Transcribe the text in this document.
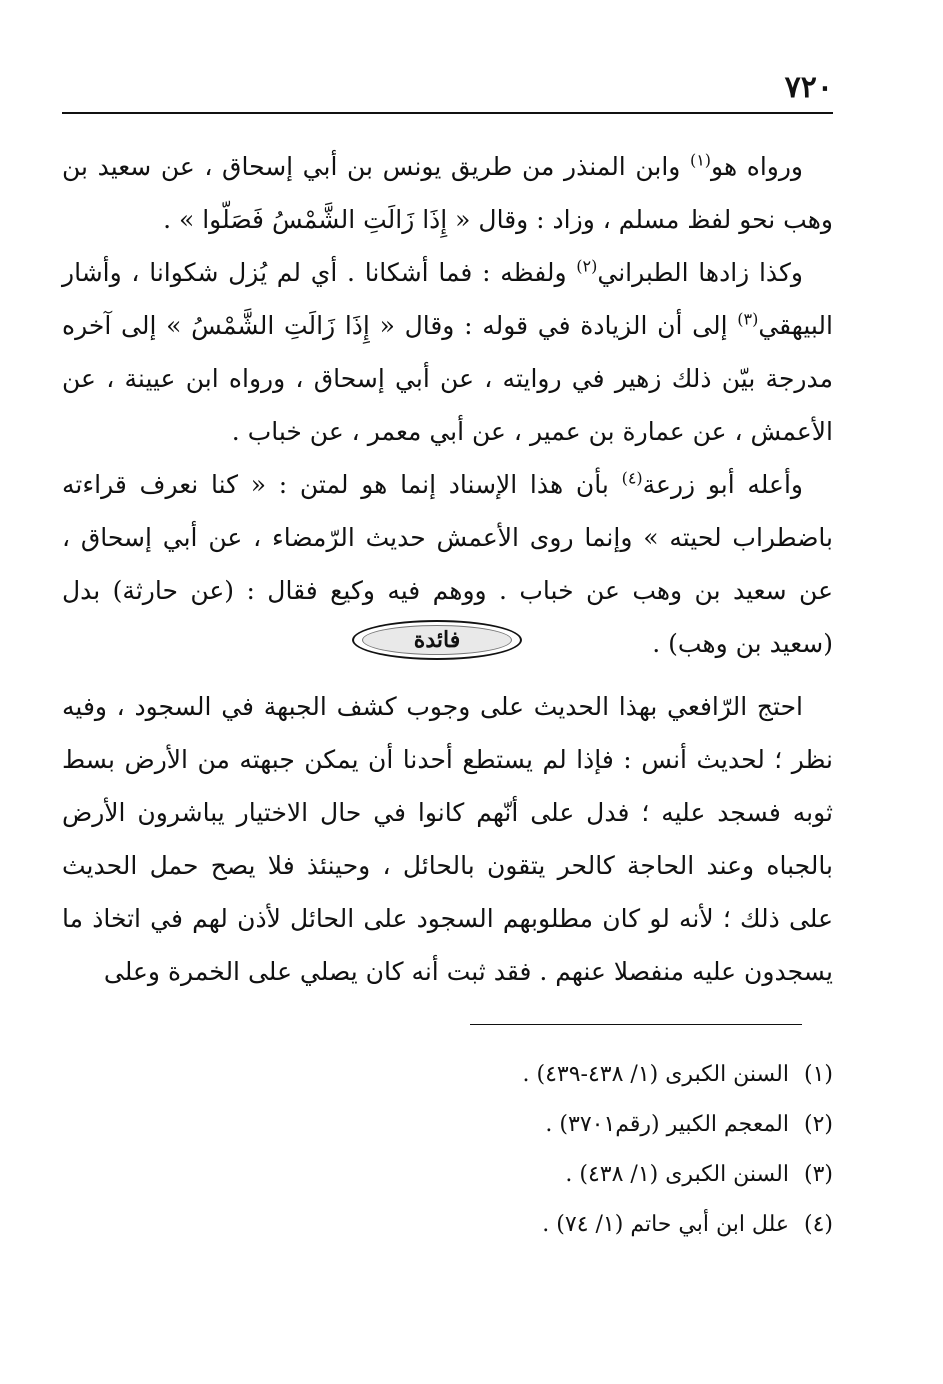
٧٢٠

ورواه هو$^{(١)}$ وابن المنذر من طريق يونس بن أبي إسحاق ، عن سعيد بن وهب نحو لفظ مسلم ، وزاد : وقال « إِذَا زَالَتِ الشَّمْسُ فَصَلّوا » .

وكذا زادها الطبراني$^{(٢)}$ ولفظه : فما أشكانا . أي لم يُزل شكوانا ، وأشار البيهقي$^{(٣)}$ إلى أن الزيادة في قوله : وقال « إِذَا زَالَتِ الشَّمْسُ » إلى آخره مدرجة بيّن ذلك زهير في روايته ، عن أبي إسحاق ، ورواه ابن عيينة ، عن الأعمش ، عن عمارة بن عمير ، عن أبي معمر ، عن خباب .

وأعله أبو زرعة$^{(٤)}$ بأن هذا الإسناد إنما هو لمتن : « كنا نعرف قراءته باضطراب لحيته » وإنما روى الأعمش حديث الرّمضاء ، عن أبي إسحاق ، عن سعيد بن وهب عن خباب . ووهم فيه وكيع فقال : (عن حارثة) بدل (سعيد بن وهب) .

فائدة

احتج الرّافعي بهذا الحديث على وجوب كشف الجبهة في السجود ، وفيه نظر ؛ لحديث أنس : فإذا لم يستطع أحدنا أن يمكن جبهته من الأرض بسط ثوبه فسجد عليه ؛ فدل على أنّهم كانوا في حال الاختيار يباشرون الأرض بالجباه وعند الحاجة كالحر يتقون بالحائل ، وحينئذ فلا يصح حمل الحديث على ذلك ؛ لأنه لو كان مطلوبهم السجود على الحائل لأذن لهم في اتخاذ ما يسجدون عليه منفصلا عنهم . فقد ثبت أنه كان يصلي على الخمرة وعلى

(١)
السنن الكبرى (١/ ٤٣٨-٤٣٩) .
(٢)
المعجم الكبير (رقم٣٧٠١) .
(٣)
السنن الكبرى (١/ ٤٣٨) .
(٤)
علل ابن أبي حاتم (١/ ٧٤) .
